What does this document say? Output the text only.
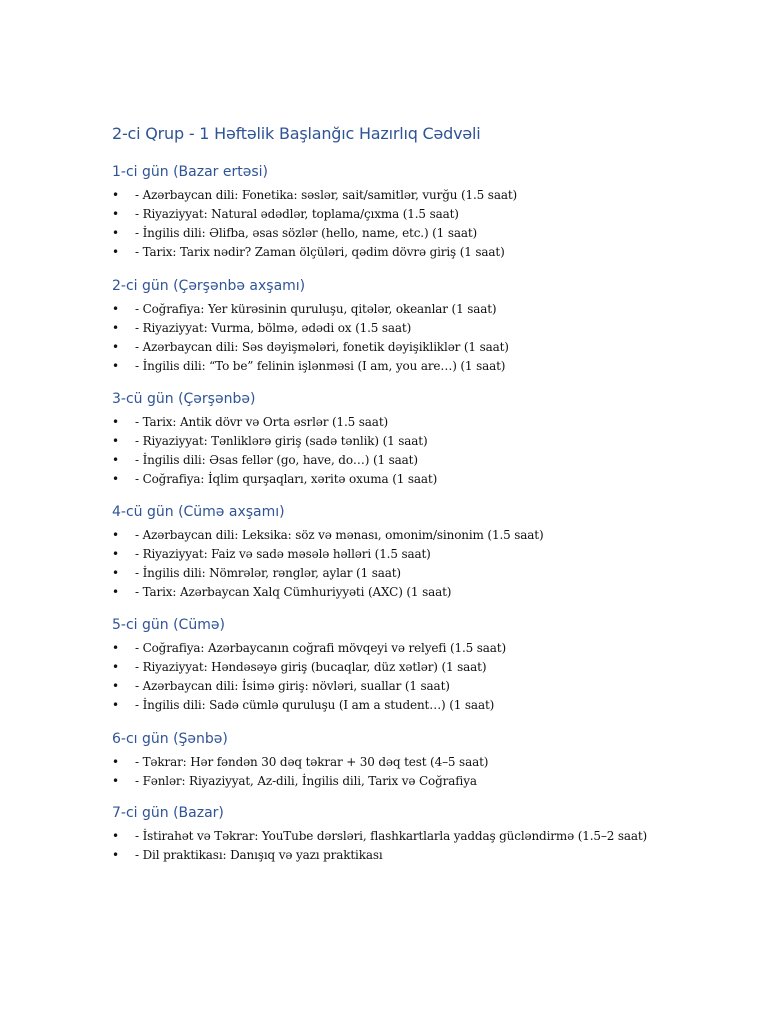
2-ci Qrup - 1 Həftəlik Başlanğıc Hazırlıq Cədvəli
1-ci gün (Bazar ertəsi)
•	- Azərbaycan dili: Fonetika: səslər, sait/samitlər, vurğu (1.5 saat)
•	- Riyaziyyat: Natural ədədlər, toplama/çıxma (1.5 saat)
•	- İngilis dili: Əlifba, əsas sözlər (hello, name, etc.) (1 saat)
•	- Tarix: Tarix nədir? Zaman ölçüləri, qədim dövrə giriş (1 saat)
2-ci gün (Çərşənbə axşamı)
•	- Coğrafiya: Yer kürəsinin quruluşu, qitələr, okeanlar (1 saat)
•	- Riyaziyyat: Vurma, bölmə, ədədi ox (1.5 saat)
•	- Azərbaycan dili: Səs dəyişmələri, fonetik dəyişikliklər (1 saat)
•	- İngilis dili: “To be” felinin işlənməsi (I am, you are…) (1 saat)
3-cü gün (Çərşənbə)
•	- Tarix: Antik dövr və Orta əsrlər (1.5 saat)
•	- Riyaziyyat: Tənliklərə giriş (sadə tənlik) (1 saat)
•	- İngilis dili: Əsas fellər (go, have, do…) (1 saat)
•	- Coğrafiya: İqlim qurşaqları, xəritə oxuma (1 saat)
4-cü gün (Cümə axşamı)
•	- Azərbaycan dili: Leksika: söz və mənası, omonim/sinonim (1.5 saat)
•	- Riyaziyyat: Faiz və sadə məsələ həlləri (1.5 saat)
•	- İngilis dili: Nömrələr, rənglər, aylar (1 saat)
•	- Tarix: Azərbaycan Xalq Cümhuriyyəti (AXC) (1 saat)
5-ci gün (Cümə)
•	- Coğrafiya: Azərbaycanın coğrafi mövqeyi və relyefi (1.5 saat)
•	- Riyaziyyat: Həndəsəyə giriş (bucaqlar, düz xətlər) (1 saat)
•	- Azərbaycan dili: İsimə giriş: növləri, suallar (1 saat)
•	- İngilis dili: Sadə cümlə quruluşu (I am a student…) (1 saat)
6-cı gün (Şənbə)
•	- Təkrar: Hər fəndən 30 dəq təkrar + 30 dəq test (4–5 saat)
•	- Fənlər: Riyaziyyat, Az-dili, İngilis dili, Tarix və Coğrafiya
7-ci gün (Bazar)
•	- İstirahət və Təkrar: YouTube dərsləri, flashkartlarla yaddaş gücləndirmə (1.5–2 saat)
•	- Dil praktikası: Danışıq və yazı praktikası
